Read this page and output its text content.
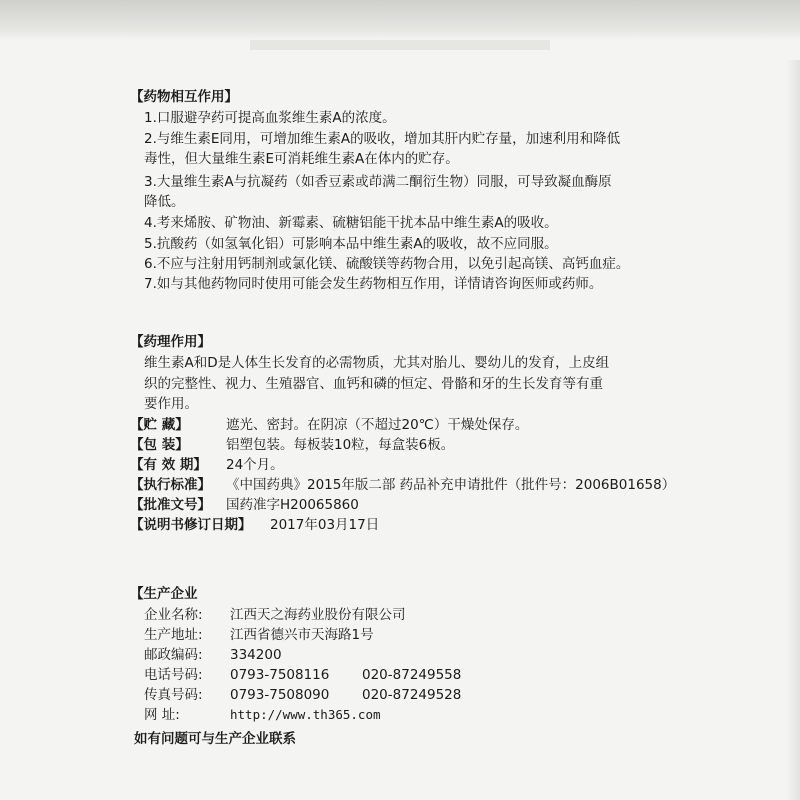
【药物相互作用】
1.口服避孕药可提高血浆维生素A的浓度。
2.与维生素E同用，可增加维生素A的吸收，增加其肝内贮存量，加速利用和降低
毒性，但大量维生素E可消耗维生素A在体内的贮存。
3.大量维生素A与抗凝药（如香豆素或茚满二酮衍生物）同服，可导致凝血酶原
降低。
4.考来烯胺、矿物油、新霉素、硫糖铝能干扰本品中维生素A的吸收。
5.抗酸药（如氢氧化铝）可影响本品中维生素A的吸收，故不应同服。
6.不应与注射用钙制剂或氯化镁、硫酸镁等药物合用，以免引起高镁、高钙血症。
7.如与其他药物同时使用可能会发生药物相互作用，详情请咨询医师或药师。
【药理作用】
维生素A和D是人体生长发育的必需物质，尤其对胎儿、婴幼儿的发育，上皮组
织的完整性、视力、生殖器官、血钙和磷的恒定、骨骼和牙的生长发育等有重
要作用。
【贮 藏】	遮光、密封。在阴凉（不超过20℃）干燥处保存。
【包 装】	铝塑包装。每板装10粒，每盒装6板。
【有 效 期】 24个月。
【执行标准】 《中国药典》2015年版二部 药品补充申请批件（批件号：2006B01658）
【批准文号】 国药准字H20065860
【说明书修订日期】 2017年03月17日
【生产企业
企业名称: 江西天之海药业股份有限公司
生产地址: 江西省德兴市天海路1号
邮政编码: 334200
电话号码: 0793-7508116 020-87249558
传真号码: 0793-7508090 020-87249528
网 址:	http://www.th365.com
如有问题可与生产企业联系
